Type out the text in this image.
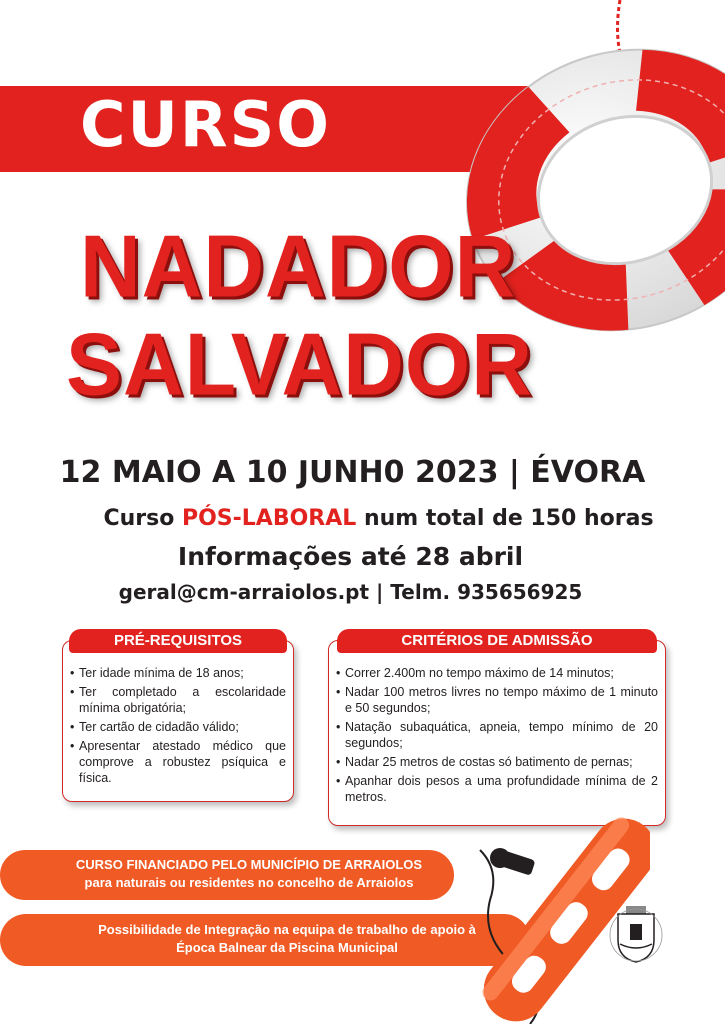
CURSO
NADADOR
SALVADOR
12 MAIO A 10 JUNH0 2023 | ÉVORA
Curso PÓS-LABORAL num total de 150 horas
Informações até 28 abril
geral@cm-arraiolos.pt | Telm. 935656925
PRÉ-REQUISITOS
• Ter idade mínima de 18 anos;
• Ter completado a escolaridade mínima obrigatória;
• Ter cartão de cidadão válido;
• Apresentar atestado médico que comprove a robustez psíquica e física.
CRITÉRIOS DE ADMISSÃO
• Correr 2.400m no tempo máximo de 14 minutos;
• Nadar 100 metros livres no tempo máximo de 1 minuto e 50 segundos;
• Natação subaquática, apneia, tempo mínimo de 20 segundos;
• Nadar 25 metros de costas só batimento de pernas;
• Apanhar dois pesos a uma profundidade mínima de 2 metros.
CURSO FINANCIADO PELO MUNICÍPIO DE ARRAIOLOS
para naturais ou residentes no concelho de Arraiolos
Possibilidade de Integração na equipa de trabalho de apoio à
Época Balnear da Piscina Municipal
